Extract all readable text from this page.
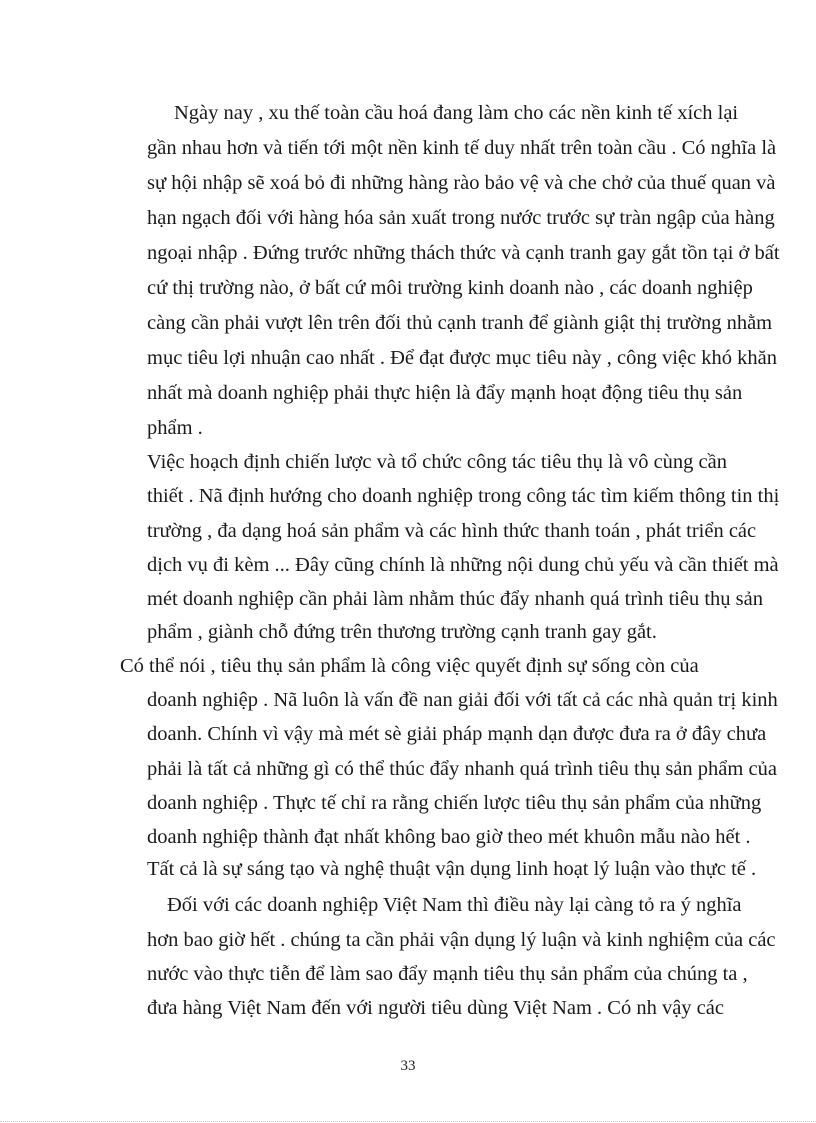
Ngày nay , xu thế toàn cầu hoá đang làm cho các nền kinh tế xích lại
gần nhau hơn và tiến tới một nền kinh tế duy nhất trên toàn cầu . Có nghĩa là
sự hội nhập sẽ xoá bỏ đi những hàng rào bảo vệ và che chở của thuế quan và
hạn ngạch đối với hàng hóa sản xuất trong nước trước sự tràn ngập của hàng
ngoại nhập . Đứng trước những thách thức và cạnh tranh gay gắt tồn tại ở bất
cứ thị trường nào, ở bất cứ môi trường kinh doanh nào , các doanh nghiệp
càng cần phải vượt lên trên đối thủ cạnh tranh để giành giật thị trường nhằm
mục tiêu lợi nhuận cao nhất . Để đạt được mục tiêu này , công việc khó khăn
nhất mà doanh nghiệp phải thực hiện là đẩy mạnh hoạt động tiêu thụ sản
phẩm .
Việc hoạch định chiến lược và tổ chức công tác tiêu thụ là vô cùng cần
thiết . Nã định hướng cho doanh nghiệp trong công tác tìm kiếm thông tin thị
trường , đa dạng hoá sản phẩm và các hình thức thanh toán , phát triển các
dịch vụ đi kèm ... Đây cũng chính là những nội dung chủ yếu và cần thiết mà
mét doanh nghiệp cần phải làm nhằm thúc đẩy nhanh quá trình tiêu thụ sản
phẩm , giành chỗ đứng trên thương trường cạnh tranh gay gắt.
Có thể nói , tiêu thụ sản phẩm là công việc quyết định sự sống còn của
doanh nghiệp . Nã luôn là vấn đề nan giải đối với tất cả các nhà quản trị kinh
doanh. Chính vì vậy mà mét sè giải pháp mạnh dạn được đưa ra ở đây chưa
phải là tất cả những gì có thể thúc đẩy nhanh quá trình tiêu thụ sản phẩm của
doanh nghiệp . Thực tế chỉ ra rằng chiến lược tiêu thụ sản phẩm của những
doanh nghiệp thành đạt nhất không bao giờ theo mét khuôn mẫu nào hết .
Tất cả là sự sáng tạo và nghệ thuật vận dụng linh hoạt lý luận vào thực tế .
Đối với các doanh nghiệp Việt Nam thì điều này lại càng tỏ ra ý nghĩa
hơn bao giờ hết . chúng ta cần phải vận dụng lý luận và kinh nghiệm của các
nước vào thực tiễn để làm sao đẩy mạnh tiêu thụ sản phẩm của chúng ta ,
đưa hàng Việt Nam đến với người tiêu dùng Việt Nam . Có nh vậy các
33
